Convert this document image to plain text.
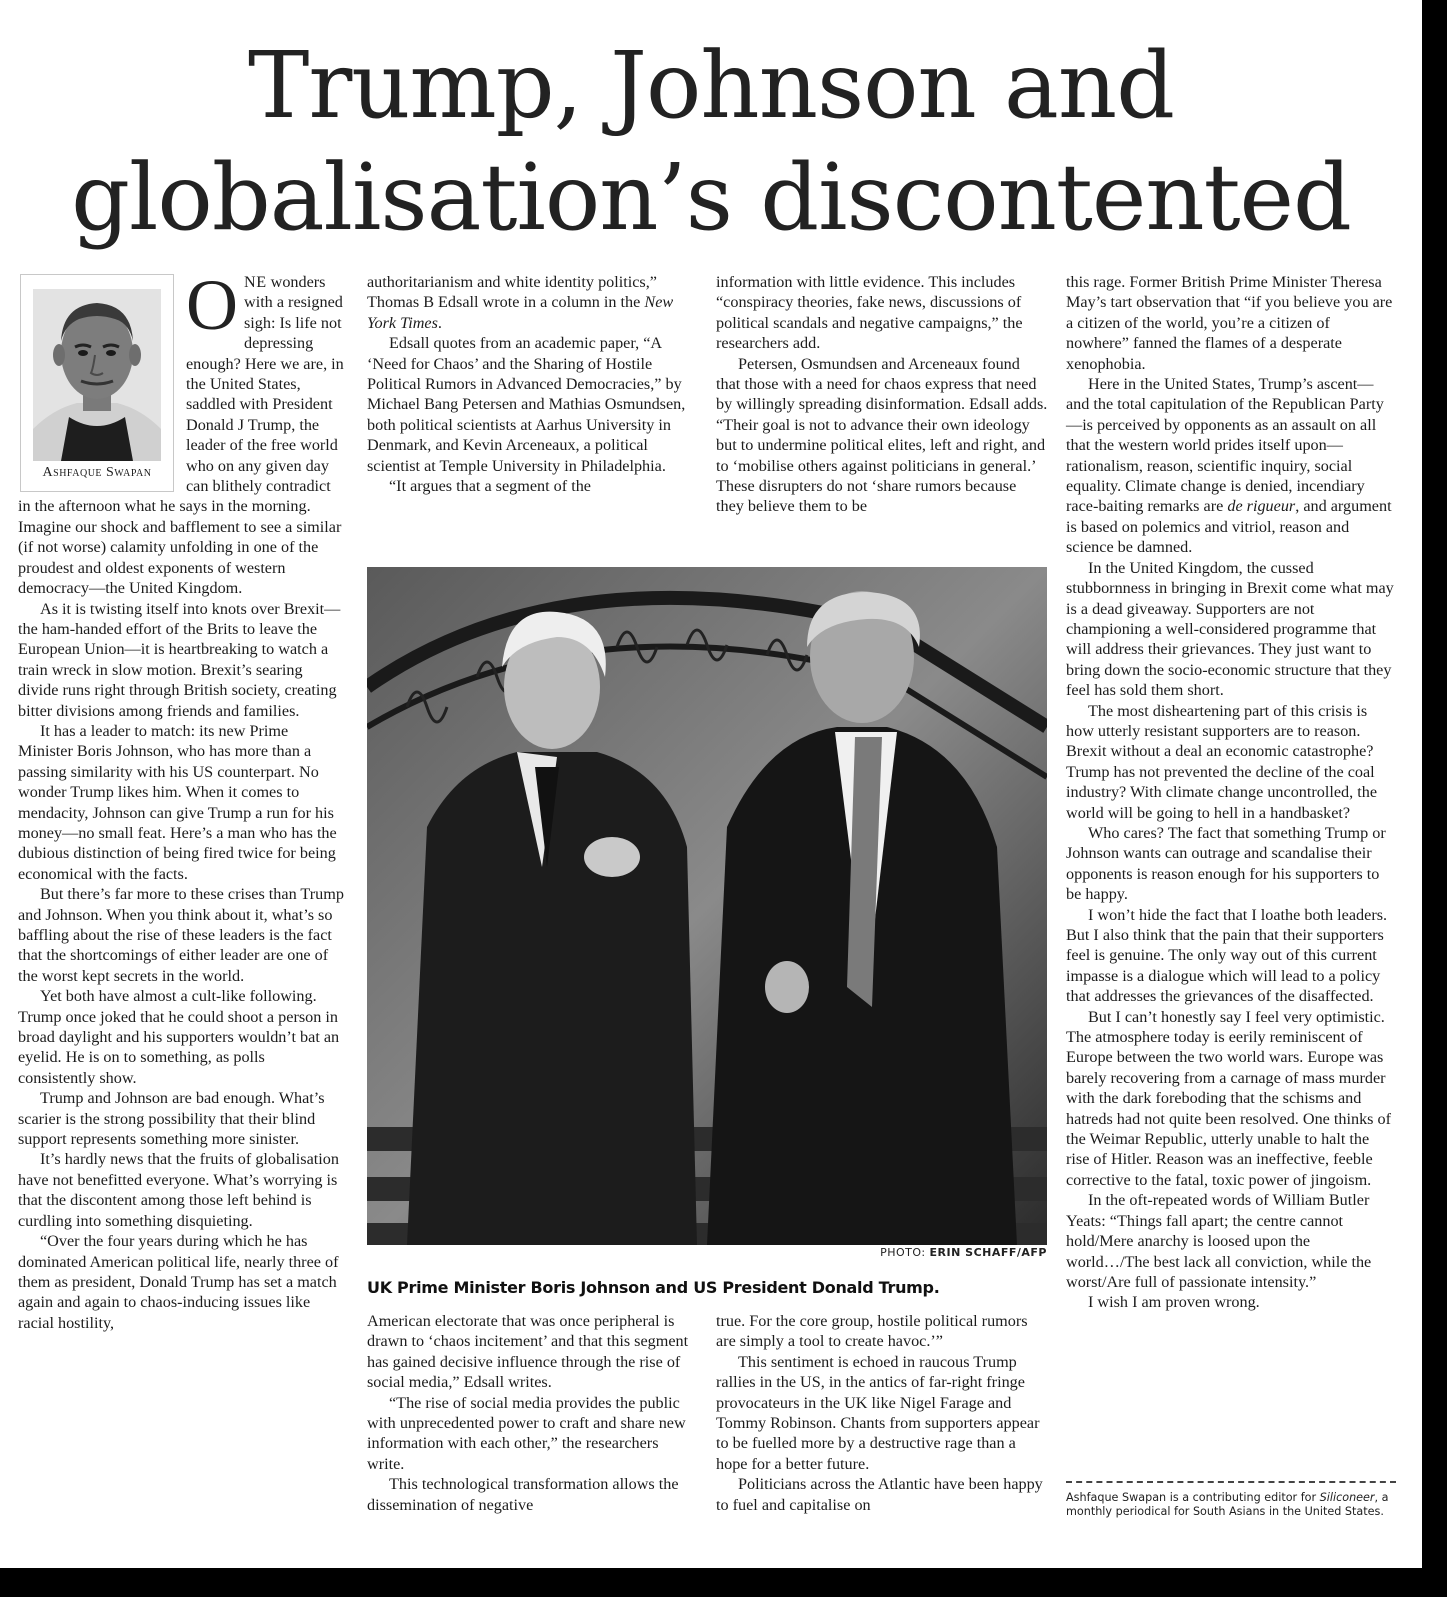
Trump, Johnson and
globalisation’s discontented
Ashfaque Swapan

ONE wonders with a resigned sigh: Is life not depressing enough? Here we are, in the United States, saddled with President Donald J Trump, the leader of the free world who on any given day can blithely contradict in the afternoon what he says in the morning. Imagine our shock and bafflement to see a similar (if not worse) calamity unfolding in one of the proudest and oldest exponents of western democracy—the United Kingdom.

As it is twisting itself into knots over Brexit—the ham-handed effort of the Brits to leave the European Union—it is heartbreaking to watch a train wreck in slow motion. Brexit’s searing divide runs right through British society, creating bitter divisions among friends and families.

It has a leader to match: its new Prime Minister Boris Johnson, who has more than a passing similarity with his US counterpart. No wonder Trump likes him. When it comes to mendacity, Johnson can give Trump a run for his money—no small feat. Here’s a man who has the dubious distinction of being fired twice for being economical with the facts.

But there’s far more to these crises than Trump and Johnson. When you think about it, what’s so baffling about the rise of these leaders is the fact that the shortcomings of either leader are one of the worst kept secrets in the world.

Yet both have almost a cult-like following. Trump once joked that he could shoot a person in broad daylight and his supporters wouldn’t bat an eyelid. He is on to something, as polls consistently show.

Trump and Johnson are bad enough. What’s scarier is the strong possibility that their blind support represents something more sinister.

It’s hardly news that the fruits of globalisation have not benefitted everyone. What’s worrying is that the discontent among those left behind is curdling into something disquieting.

“Over the four years during which he has dominated American political life, nearly three of them as president, Donald Trump has set a match again and again to chaos-inducing issues like racial hostility,

authoritarianism and white identity politics,” Thomas B Edsall wrote in a column in the New York Times.

Edsall quotes from an academic paper, “A ‘Need for Chaos’ and the Sharing of Hostile Political Rumors in Advanced Democracies,” by Michael Bang Petersen and Mathias Osmundsen, both political scientists at Aarhus University in Denmark, and Kevin Arceneaux, a political scientist at Temple University in Philadelphia.

“It argues that a segment of the

information with little evidence. This includes “conspiracy theories, fake news, discussions of political scandals and negative campaigns,” the researchers add.

Petersen, Osmundsen and Arceneaux found that those with a need for chaos express that need by willingly spreading disinformation. Edsall adds. “Their goal is not to advance their own ideology but to undermine political elites, left and right, and to ‘mobilise others against politicians in general.’ These disrupters do not ‘share rumors because they believe them to be

PHOTO: ERIN SCHAFF/AFP
UK Prime Minister Boris Johnson and US President Donald Trump.

American electorate that was once peripheral is drawn to ‘chaos incitement’ and that this segment has gained decisive influence through the rise of social media,” Edsall writes.

“The rise of social media provides the public with unprecedented power to craft and share new information with each other,” the researchers write.

This technological transformation allows the dissemination of negative

true. For the core group, hostile political rumors are simply a tool to create havoc.’”

This sentiment is echoed in raucous Trump rallies in the US, in the antics of far-right fringe provocateurs in the UK like Nigel Farage and Tommy Robinson. Chants from supporters appear to be fuelled more by a destructive rage than a hope for a better future.

Politicians across the Atlantic have been happy to fuel and capitalise on

this rage. Former British Prime Minister Theresa May’s tart observation that “if you believe you are a citizen of the world, you’re a citizen of nowhere” fanned the flames of a desperate xenophobia.

Here in the United States, Trump’s ascent—and the total capitulation of the Republican Party—is perceived by opponents as an assault on all that the western world prides itself upon—rationalism, reason, scientific inquiry, social equality. Climate change is denied, incendiary race-baiting remarks are de rigueur, and argument is based on polemics and vitriol, reason and science be damned.

In the United Kingdom, the cussed stubbornness in bringing in Brexit come what may is a dead giveaway. Supporters are not championing a well-considered programme that will address their grievances. They just want to bring down the socio-economic structure that they feel has sold them short.

The most disheartening part of this crisis is how utterly resistant supporters are to reason. Brexit without a deal an economic catastrophe? Trump has not prevented the decline of the coal industry? With climate change uncontrolled, the world will be going to hell in a handbasket?

Who cares? The fact that something Trump or Johnson wants can outrage and scandalise their opponents is reason enough for his supporters to be happy.

I won’t hide the fact that I loathe both leaders. But I also think that the pain that their supporters feel is genuine. The only way out of this current impasse is a dialogue which will lead to a policy that addresses the grievances of the disaffected.

But I can’t honestly say I feel very optimistic. The atmosphere today is eerily reminiscent of Europe between the two world wars. Europe was barely recovering from a carnage of mass murder with the dark foreboding that the schisms and hatreds had not quite been resolved. One thinks of the Weimar Republic, utterly unable to halt the rise of Hitler. Reason was an ineffective, feeble corrective to the fatal, toxic power of jingoism.

In the oft-repeated words of William Butler Yeats: “Things fall apart; the centre cannot hold/Mere anarchy is loosed upon the world…/The best lack all conviction, while the worst/Are full of passionate intensity.”

I wish I am proven wrong.

Ashfaque Swapan is a contributing editor for Siliconeer, a monthly periodical for South Asians in the United States.
